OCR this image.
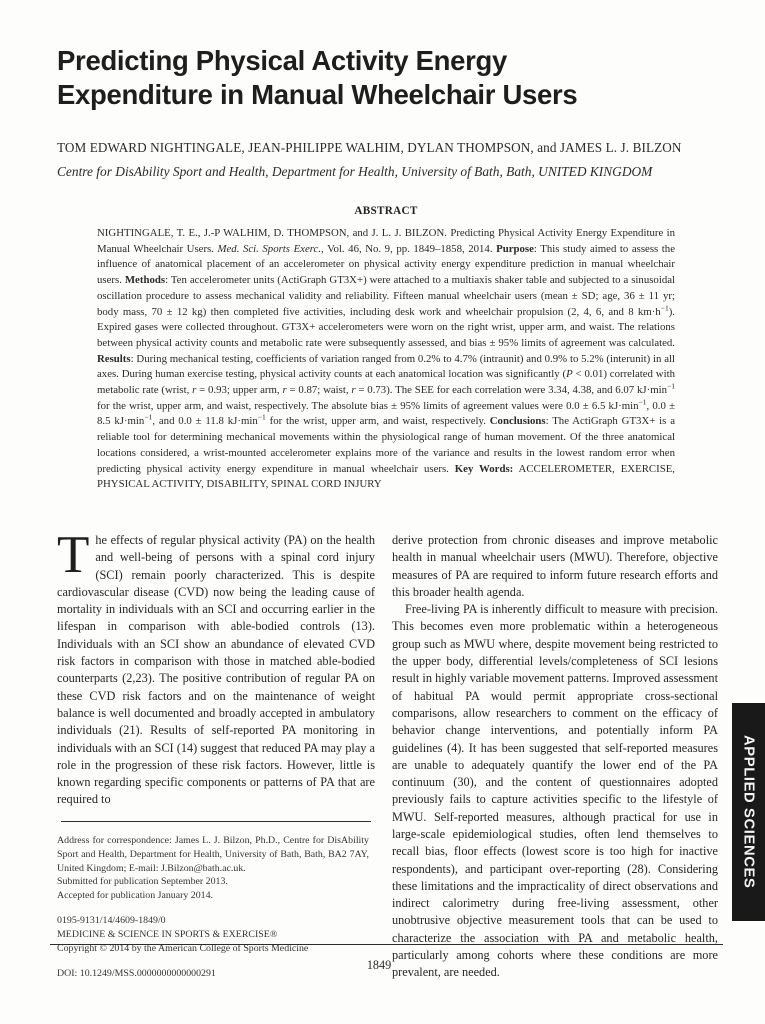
Predicting Physical Activity Energy
Expenditure in Manual Wheelchair Users
TOM EDWARD NIGHTINGALE, JEAN-PHILIPPE WALHIM, DYLAN THOMPSON, and JAMES L. J. BILZON
Centre for DisAbility Sport and Health, Department for Health, University of Bath, Bath, UNITED KINGDOM
ABSTRACT
NIGHTINGALE, T. E., J.-P WALHIM, D. THOMPSON, and J. L. J. BILZON. Predicting Physical Activity Energy Expenditure in Manual Wheelchair Users. Med. Sci. Sports Exerc., Vol. 46, No. 9, pp. 1849–1858, 2014. Purpose: This study aimed to assess the influence of anatomical placement of an accelerometer on physical activity energy expenditure prediction in manual wheelchair users. Methods: Ten accelerometer units (ActiGraph GT3X+) were attached to a multiaxis shaker table and subjected to a sinusoidal oscillation procedure to assess mechanical validity and reliability. Fifteen manual wheelchair users (mean ± SD; age, 36 ± 11 yr; body mass, 70 ± 12 kg) then completed five activities, including desk work and wheelchair propulsion (2, 4, 6, and 8 $km\cdot h^{-1}$). Expired gases were collected throughout. GT3X+ accelerometers were worn on the right wrist, upper arm, and waist. The relations between physical activity counts and metabolic rate were subsequently assessed, and bias ± 95% limits of agreement was calculated. Results: During mechanical testing, coefficients of variation ranged from 0.2% to 4.7% (intraunit) and 0.9% to 5.2% (interunit) in all axes. During human exercise testing, physical activity counts at each anatomical location was significantly (P < 0.01) correlated with metabolic rate (wrist, r = 0.93; upper arm, r = 0.87; waist, r = 0.73). The SEE for each correlation were 3.34, 4.38, and 6.07 $kJ\cdot\min^{-1}$ for the wrist, upper arm, and waist, respectively. The absolute bias ± 95% limits of agreement values were 0.0 ± 6.5 $kJ\cdot\min^{-1}$, 0.0 ± 8.5 $kJ\cdot\min^{-1}$, and 0.0 ± 11.8 $kJ\cdot\min^{-1}$ for the wrist, upper arm, and waist, respectively. Conclusions: The ActiGraph GT3X+ is a reliable tool for determining mechanical movements within the physiological range of human movement. Of the three anatomical locations considered, a wrist-mounted accelerometer explains more of the variance and results in the lowest random error when predicting physical activity energy expenditure in manual wheelchair users. Key Words: ACCELEROMETER, EXERCISE, PHYSICAL ACTIVITY, DISABILITY, SPINAL CORD INJURY
The effects of regular physical activity (PA) on the health and well-being of persons with a spinal cord injury (SCI) remain poorly characterized. This is despite cardiovascular disease (CVD) now being the leading cause of mortality in individuals with an SCI and occurring earlier in the lifespan in comparison with able-bodied controls (13). Individuals with an SCI show an abundance of elevated CVD risk factors in comparison with those in matched able-bodied counterparts (2,23). The positive contribution of regular PA on these CVD risk factors and on the maintenance of weight balance is well documented and broadly accepted in ambulatory individuals (21). Results of self-reported PA monitoring in individuals with an SCI (14) suggest that reduced PA may play a role in the progression of these risk factors. However, little is known regarding specific components or patterns of PA that are required to

Address for correspondence: James L. J. Bilzon, Ph.D., Centre for DisAbility Sport and Health, Department for Health, University of Bath, Bath, BA2 7AY, United Kingdom; E-mail: J.Bilzon@bath.ac.uk.

Submitted for publication September 2013.

Accepted for publication January 2014.

0195-9131/14/4609-1849/0

MEDICINE & SCIENCE IN SPORTS & EXERCISE®

Copyright © 2014 by the American College of Sports Medicine

DOI: 10.1249/MSS.0000000000000291

derive protection from chronic diseases and improve metabolic health in manual wheelchair users (MWU). Therefore, objective measures of PA are required to inform future research efforts and this broader health agenda.

Free-living PA is inherently difficult to measure with precision. This becomes even more problematic within a heterogeneous group such as MWU where, despite movement being restricted to the upper body, differential levels/completeness of SCI lesions result in highly variable movement patterns. Improved assessment of habitual PA would permit appropriate cross-sectional comparisons, allow researchers to comment on the efficacy of behavior change interventions, and potentially inform PA guidelines (4). It has been suggested that self-reported measures are unable to adequately quantify the lower end of the PA continuum (30), and the content of questionnaires adopted previously fails to capture activities specific to the lifestyle of MWU. Self-reported measures, although practical for use in large-scale epidemiological studies, often lend themselves to recall bias, floor effects (lowest score is too high for inactive respondents), and participant over-reporting (28). Considering these limitations and the impracticality of direct observations and indirect calorimetry during free-living assessment, other unobtrusive objective measurement tools that can be used to characterize the association with PA and metabolic health, particularly among cohorts where these conditions are more prevalent, are needed.

1849
APPLIED SCIENCES
